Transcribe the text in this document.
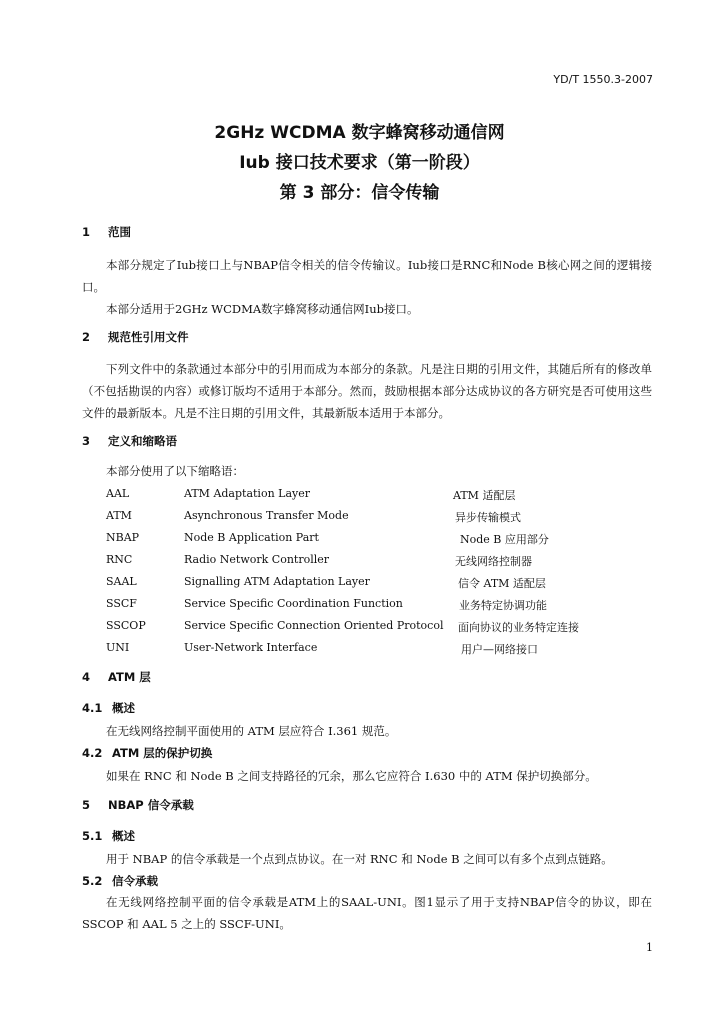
YD/T 1550.3-2007
2GHz WCDMA 数字蜂窝移动通信网
Iub 接口技术要求（第一阶段）
第 3 部分：信令传输
1 范围
本部分规定了Iub接口上与NBAP信令相关的信令传输议。Iub接口是RNC和Node B核心网之间的逻辑接口。
本部分适用于2GHz WCDMA数字蜂窝移动通信网Iub接口。
2 规范性引用文件
下列文件中的条款通过本部分中的引用而成为本部分的条款。凡是注日期的引用文件，其随后所有的修改单（不包括勘误的内容）或修订版均不适用于本部分。然而，鼓励根据本部分达成协议的各方研究是否可使用这些文件的最新版本。凡是不注日期的引用文件，其最新版本适用于本部分。
3 定义和缩略语
本部分使用了以下缩略语：
AAL	ATM Adaptation Layer	ATM 适配层
ATM	Asynchronous Transfer Mode	异步传输模式
NBAP	Node B Application Part	Node B 应用部分
RNC	Radio Network Controller	无线网络控制器
SAAL	Signalling ATM Adaptation Layer	信令 ATM 适配层
SSCF	Service Specific Coordination Function	业务特定协调功能
SSCOP	Service Specific Connection Oriented Protocol 面向协议的业务特定连接
UNI	User-Network Interface	用户—网络接口
4 ATM 层
4.1 概述
在无线网络控制平面使用的 ATM 层应符合 I.361 规范。
4.2 ATM 层的保护切换
如果在 RNC 和 Node B 之间支持路径的冗余，那么它应符合 I.630 中的 ATM 保护切换部分。
5 NBAP 信令承载
5.1 概述
用于 NBAP 的信令承载是一个点到点协议。在一对 RNC 和 Node B 之间可以有多个点到点链路。
5.2 信令承载
在无线网络控制平面的信令承载是ATM上的SAAL-UNI。图1显示了用于支持NBAP信令的协议，即在 SSCOP 和 AAL 5 之上的 SSCF-UNI。
1
